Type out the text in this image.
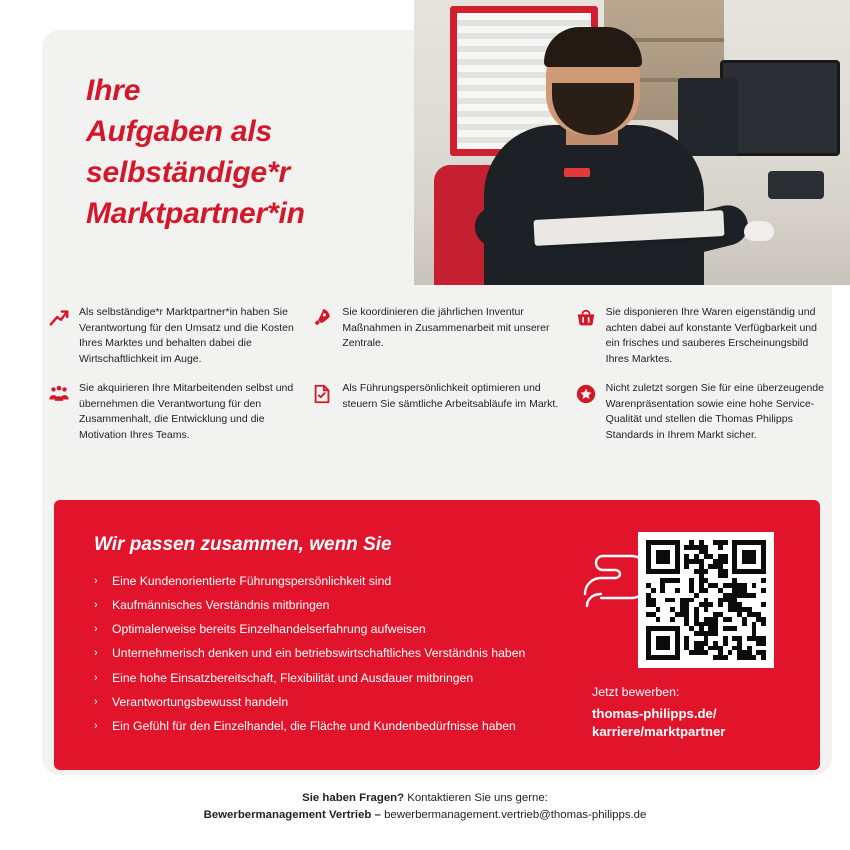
Ihre
Aufgaben als
selbständige*r
Marktpartner*in
Als selbständige*r Marktpartner*in haben Sie Verantwortung für den Umsatz und die Kosten Ihres Marktes und behalten dabei die Wirtschaftlichkeit im Auge.
Sie koordinieren die jährlichen Inventur Maßnahmen in Zusammenarbeit mit unserer Zentrale.
Sie disponieren Ihre Waren eigenständig und achten dabei auf konstante Verfügbarkeit und ein frisches und sauberes Erscheinungsbild Ihres Marktes.
Sie akquirieren Ihre Mitarbeitenden selbst und übernehmen die Verantwortung für den Zusammenhalt, die Entwicklung und die Motivation Ihres Teams.
Als Führungspersönlichkeit optimieren und steuern Sie sämtliche Arbeitsabläufe im Markt.
Nicht zuletzt sorgen Sie für eine überzeugende Warenpräsentation sowie eine hohe Service-Qualität und stellen die Thomas Philipps Standards in Ihrem Markt sicher.
Wir passen zusammen, wenn Sie
›	Eine Kundenorientierte Führungspersönlichkeit sind
›	Kaufmännisches Verständnis mitbringen
›	Optimalerweise bereits Einzelhandelserfahrung aufweisen
›	Unternehmerisch denken und ein betriebswirtschaftliches Verständnis haben
›	Eine hohe Einsatzbereitschaft, Flexibilität und Ausdauer mitbringen
›	Verantwortungsbewusst handeln
›	Ein Gefühl für den Einzelhandel, die Fläche und Kundenbedürfnisse haben
Jetzt bewerben:
thomas-philipps.de/
karriere/marktpartner
Sie haben Fragen? Kontaktieren Sie uns gerne:
Bewerbermanagement Vertrieb – bewerbermanagement.vertrieb@thomas-philipps.de
